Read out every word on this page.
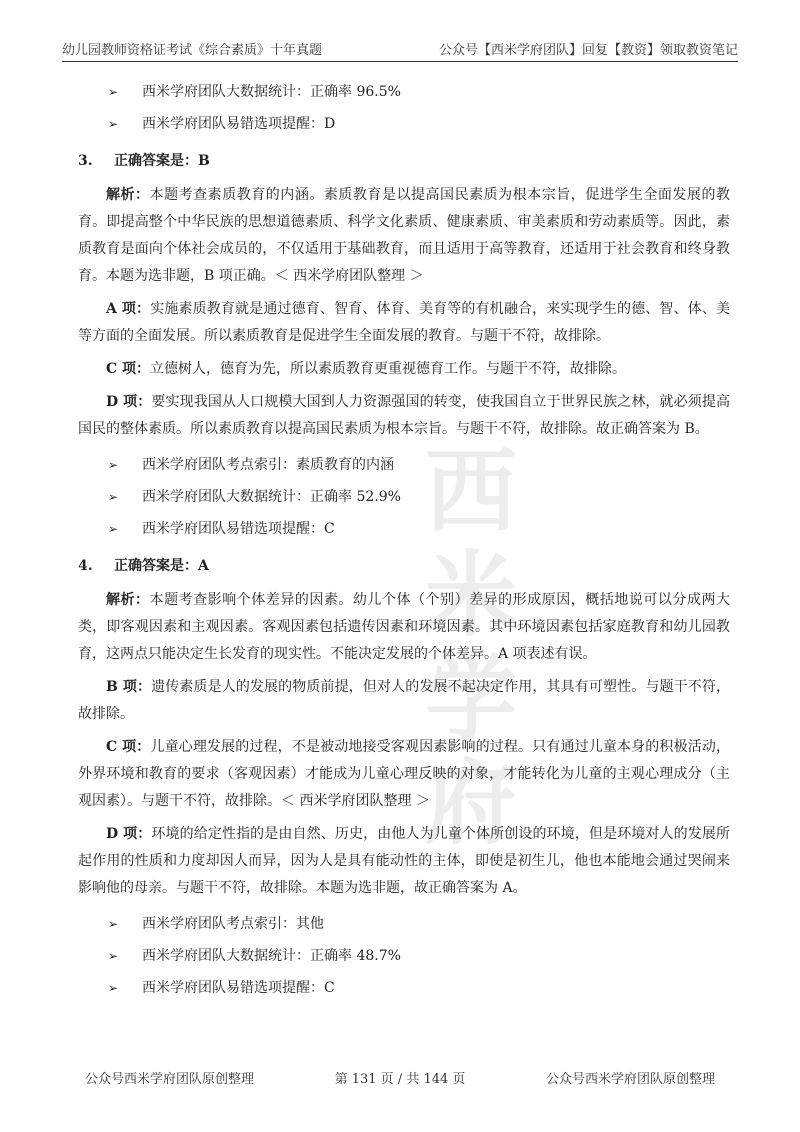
幼儿园教师资格证考试《综合素质》十年真题	公众号【西米学府团队】回复【教资】领取教资笔记
西米学府
➢	西米学府团队大数据统计：正确率 96.5%
➢	西米学府团队易错选项提醒：D
3.	正确答案是：B

解析：本题考查素质教育的内涵。素质教育是以提高国民素质为根本宗旨，促进学生全面发展的教育。即提高整个中华民族的思想道德素质、科学文化素质、健康素质、审美素质和劳动素质等。因此，素质教育是面向个体社会成员的，不仅适用于基础教育，而且适用于高等教育，还适用于社会教育和终身教育。本题为选非题，B 项正确。＜ 西米学府团队整理 ＞

A 项：实施素质教育就是通过德育、智育、体育、美育等的有机融合，来实现学生的德、智、体、美等方面的全面发展。所以素质教育是促进学生全面发展的教育。与题干不符，故排除。

C 项：立德树人，德育为先，所以素质教育更重视德育工作。与题干不符，故排除。

D 项：要实现我国从人口规模大国到人力资源强国的转变，使我国自立于世界民族之林，就必须提高国民的整体素质。所以素质教育以提高国民素质为根本宗旨。与题干不符，故排除。故正确答案为 B。

➢	西米学府团队考点索引：素质教育的内涵
➢	西米学府团队大数据统计：正确率 52.9%
➢	西米学府团队易错选项提醒：C
4.	正确答案是：A

解析：本题考查影响个体差异的因素。幼儿个体（个别）差异的形成原因，概括地说可以分成两大类，即客观因素和主观因素。客观因素包括遗传因素和环境因素。其中环境因素包括家庭教育和幼儿园教育，这两点只能决定生长发育的现实性。不能决定发展的个体差异。A 项表述有误。

B 项：遗传素质是人的发展的物质前提，但对人的发展不起决定作用，其具有可塑性。与题干不符，故排除。

C 项：儿童心理发展的过程，不是被动地接受客观因素影响的过程。只有通过儿童本身的积极活动，外界环境和教育的要求（客观因素）才能成为儿童心理反映的对象，才能转化为儿童的主观心理成分（主观因素）。与题干不符，故排除。＜ 西米学府团队整理 ＞

D 项：环境的给定性指的是由自然、历史，由他人为儿童个体所创设的环境，但是环境对人的发展所起作用的性质和力度却因人而异，因为人是具有能动性的主体，即使是初生儿，他也本能地会通过哭闹来影响他的母亲。与题干不符，故排除。本题为选非题，故正确答案为 A。

➢	西米学府团队考点索引：其他
➢	西米学府团队大数据统计：正确率 48.7%
➢	西米学府团队易错选项提醒：C
公众号西米学府团队原创整理	第 131 页 / 共 144 页	公众号西米学府团队原创整理
